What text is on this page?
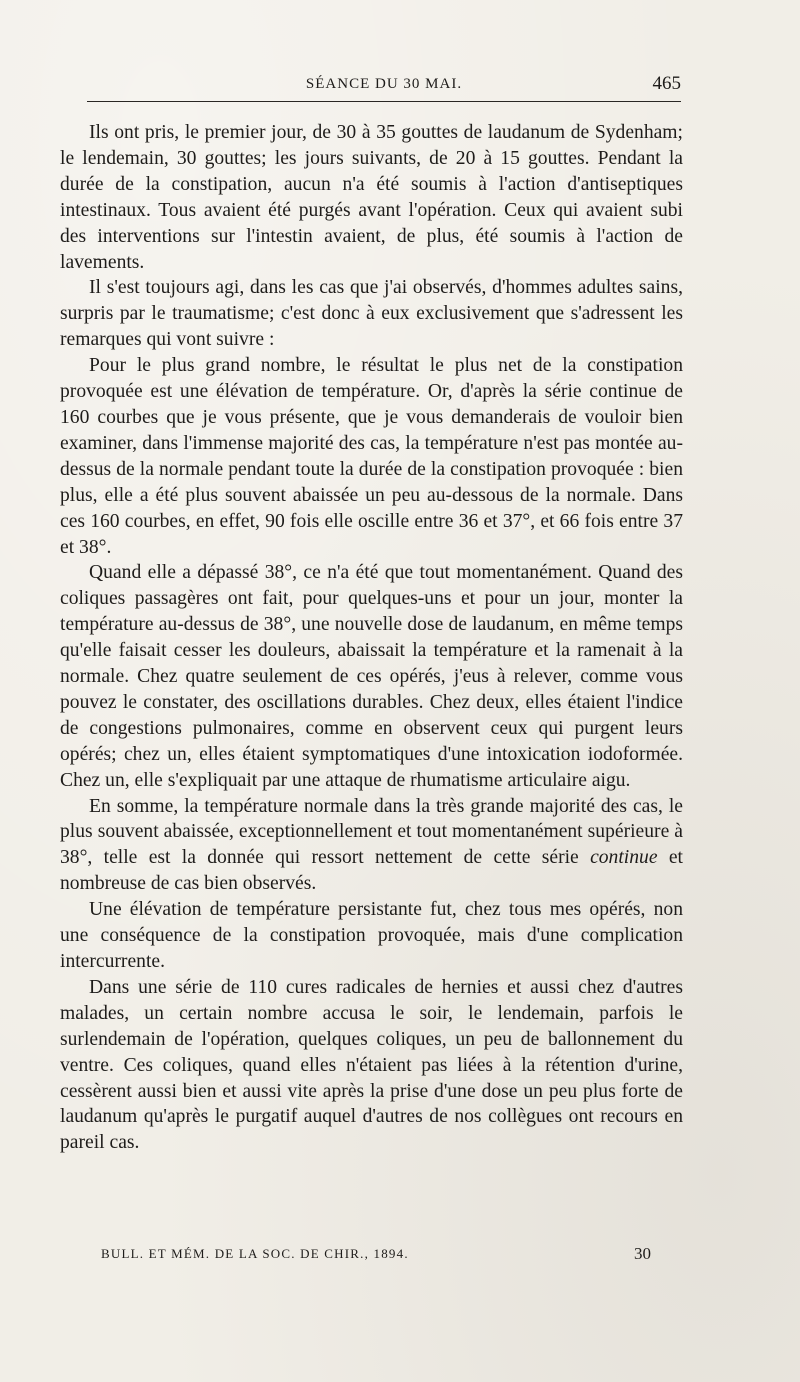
SÉANCE DU 30 MAI.	465

Ils ont pris, le premier jour, de 30 à 35 gouttes de laudanum de Sydenham; le lendemain, 30 gouttes; les jours suivants, de 20 à 15 gouttes. Pendant la durée de la constipation, aucun n'a été soumis à l'action d'antiseptiques intestinaux. Tous avaient été purgés avant l'opération. Ceux qui avaient subi des interventions sur l'intestin avaient, de plus, été soumis à l'action de lavements.

Il s'est toujours agi, dans les cas que j'ai observés, d'hommes adultes sains, surpris par le traumatisme; c'est donc à eux exclusivement que s'adressent les remarques qui vont suivre :

Pour le plus grand nombre, le résultat le plus net de la constipation provoquée est une élévation de température. Or, d'après la série continue de 160 courbes que je vous présente, que je vous demanderais de vouloir bien examiner, dans l'immense majorité des cas, la température n'est pas montée au-dessus de la normale pendant toute la durée de la constipation provoquée : bien plus, elle a été plus souvent abaissée un peu au-dessous de la normale. Dans ces 160 courbes, en effet, 90 fois elle oscille entre 36 et 37°, et 66 fois entre 37 et 38°.

Quand elle a dépassé 38°, ce n'a été que tout momentanément. Quand des coliques passagères ont fait, pour quelques-uns et pour un jour, monter la température au-dessus de 38°, une nouvelle dose de laudanum, en même temps qu'elle faisait cesser les douleurs, abaissait la température et la ramenait à la normale. Chez quatre seulement de ces opérés, j'eus à relever, comme vous pouvez le constater, des oscillations durables. Chez deux, elles étaient l'indice de congestions pulmonaires, comme en observent ceux qui purgent leurs opérés; chez un, elles étaient symptomatiques d'une intoxication iodoformée. Chez un, elle s'expliquait par une attaque de rhumatisme articulaire aigu.

En somme, la température normale dans la très grande majorité des cas, le plus souvent abaissée, exceptionnellement et tout momentanément supérieure à 38°, telle est la donnée qui ressort nettement de cette série continue et nombreuse de cas bien observés.

Une élévation de température persistante fut, chez tous mes opérés, non une conséquence de la constipation provoquée, mais d'une complication intercurrente.

Dans une série de 110 cures radicales de hernies et aussi chez d'autres malades, un certain nombre accusa le soir, le lendemain, parfois le surlendemain de l'opération, quelques coliques, un peu de ballonnement du ventre. Ces coliques, quand elles n'étaient pas liées à la rétention d'urine, cessèrent aussi bien et aussi vite après la prise d'une dose un peu plus forte de laudanum qu'après le purgatif auquel d'autres de nos collègues ont recours en pareil cas.

BULL. ET MÉM. DE LA SOC. DE CHIR., 1894.	30
